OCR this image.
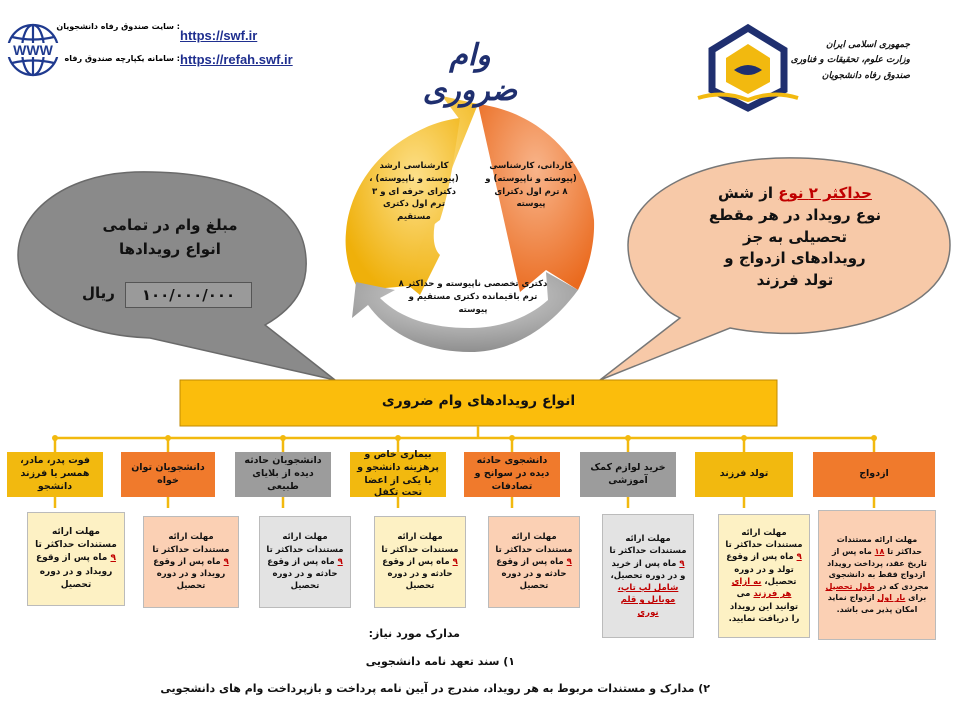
WWW
: سایت صندوق رفاه دانشجویان
https://swf.ir
: سامانه یکپارچه صندوق رفاه https://refah.swf.ir	وام ضروری
جمهوری اسلامی ایران
وزارت علوم، تحقیقات و فناوری
صندوق رفاه دانشجویان
کاردانی، کارشناسی (پیوسته و ناپیوسته) و ۸ ترم اول دکترای پیوسته
کارشناسی ارشد (پیوسته و ناپیوسته) ، دکترای حرفه ای و ۳ ترم اول دکتری مستقیم
دکتری تخصصی ناپیوسته و حداکثر ۸ ترم باقیمانده دکتری مستقیم و پیوسته
مبلغ وام در تمامی
انواع رویدادها
۱۰۰/۰۰۰/۰۰۰
ریال
حداکثر ۲ نوع از شش
نوع رویداد در هر مقطع
تحصیلی به جز
رویدادهای ازدواج و
تولد فرزند
انواع رویدادهای وام ضروری
ازدواج
تولد فرزند
خرید لوازم کمک آموزشی
دانشجوی حادثه دیده در سوانح و تصادفات
بیماری خاص و پرهزینه دانشجو و یا یکی از اعضا تحت تکفل
دانشجویان حادثه دیده از بلایای طبیعی
دانشجویان توان خواه
فوت پدر، مادر، همسر یا فرزند دانشجو
مهلت ارائه مستندات حداکثر تا ۱۸ ماه پس از تاریخ عقد، پرداخت رویداد ازدواج فقط به دانشجوی مجردی که در طول تحصیل برای بار اول ازدواج نماید امکان پذیر می باشد.
مهلت ارائه مستندات حداکثر تا ۹ ماه پس از وقوع تولد و در دوره تحصیل، به ازای هر فرزند می توانید این رویداد را دریافت نمایید.
مهلت ارائه مستندات حداکثر تا ۹ ماه پس از خرید و در دوره تحصیل، شامل لپ تاپ، موبایل و قلم نوری
مهلت ارائه مستندات حداکثر تا ۹ ماه پس از وقوع حادثه و در دوره تحصیل
مهلت ارائه مستندات حداکثر تا ۹ ماه پس از وقوع حادثه و در دوره تحصیل
مهلت ارائه مستندات حداکثر تا ۹ ماه پس از وقوع حادثه و در دوره تحصیل
مهلت ارائه مستندات حداکثر تا ۹ ماه پس از وقوع رویداد و در دوره تحصیل
مهلت ارائه مستندات حداکثر تا ۹ ماه پس از وقوع رویداد و در دوره تحصیل
مدارک مورد نیاز:
۱) سند تعهد نامه دانشجویی
۲) مدارک و مستندات مربوط به هر رویداد، مندرج در آیین نامه پرداخت و بازپرداخت وام های دانشجویی
